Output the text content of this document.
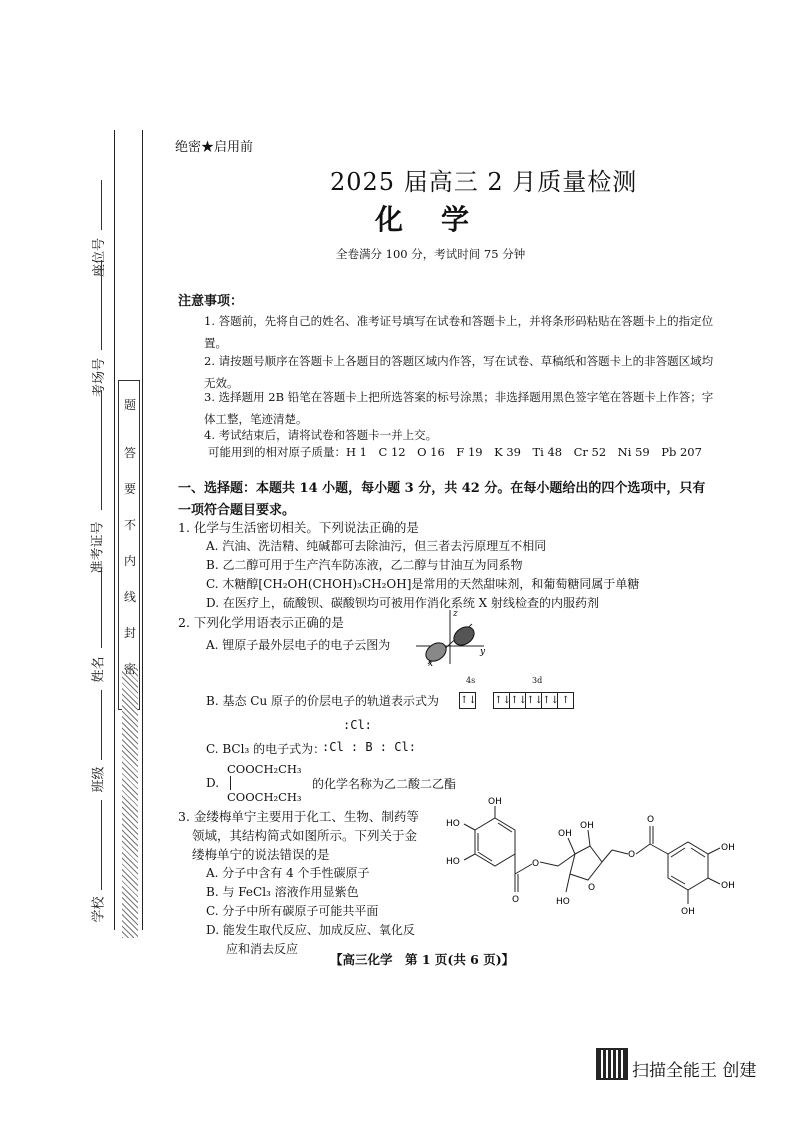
密
封
线
内
不
要
答
题
座位号
考场号
准考证号
姓名
班级
学校
绝密★启用前
2025 届高三 2 月质量检测
化学
全卷满分 100 分，考试时间 75 分钟
注意事项：
1. 答题前，先将自己的姓名、准考证号填写在试卷和答题卡上，并将条形码粘贴在答题卡上的指定位置。
2. 请按题号顺序在答题卡上各题目的答题区域内作答，写在试卷、草稿纸和答题卡上的非答题区域均无效。
3. 选择题用 2B 铅笔在答题卡上把所选答案的标号涂黑；非选择题用黑色签字笔在答题卡上作答；字体工整，笔迹清楚。
4. 考试结束后，请将试卷和答题卡一并上交。
可能用到的相对原子质量：H 1　C 12　O 16　F 19　K 39　Ti 48　Cr 52　Ni 59　Pb 207
一、选择题：本题共 14 小题，每小题 3 分，共 42 分。在每小题给出的四个选项中，只有一项符合题目要求。
1. 化学与生活密切相关。下列说法正确的是
A. 汽油、洗洁精、纯碱都可去除油污，但三者去污原理互不相同
B. 乙二醇可用于生产汽车防冻液，乙二醇与甘油互为同系物
C. 木糖醇[CH₂OH(CHOH)₃CH₂OH]是常用的天然甜味剂，和葡萄糖同属于单糖
D. 在医疗上，硫酸钡、碳酸钡均可被用作消化系统 X 射线检查的内服药剂
2. 下列化学用语表示正确的是
A. 锂原子最外层电子的电子云图为
z
y
x
B. 基态 Cu 原子的价层电子的轨道表示式为
4s	3d
↑↓ ↑↓↑↓↑↓↑↓ ↑
:Cl:
C. BCl₃ 的电子式为：
:Cl : B : Cl:
COOCH₂CH₃
D.
COOCH₂CH₃
的化学名称为乙二酸二乙酯
3. 金缕梅单宁主要用于化工、生物、制药等
领域，其结构简式如图所示。下列关于金
缕梅单宁的说法错误的是
A. 分子中含有 4 个手性碳原子
B. 与 FeCl₃ 溶液作用显紫色
C. 分子中所有碳原子可能共平面
D. 能发生取代反应、加成反应、氧化反
应和消去反应
OH
HO
HO
O
O
OH
OH
O
HO
O
O
OH
OH
OH
【高三化学　第 1 页(共 6 页)】
扫描全能王 创建
